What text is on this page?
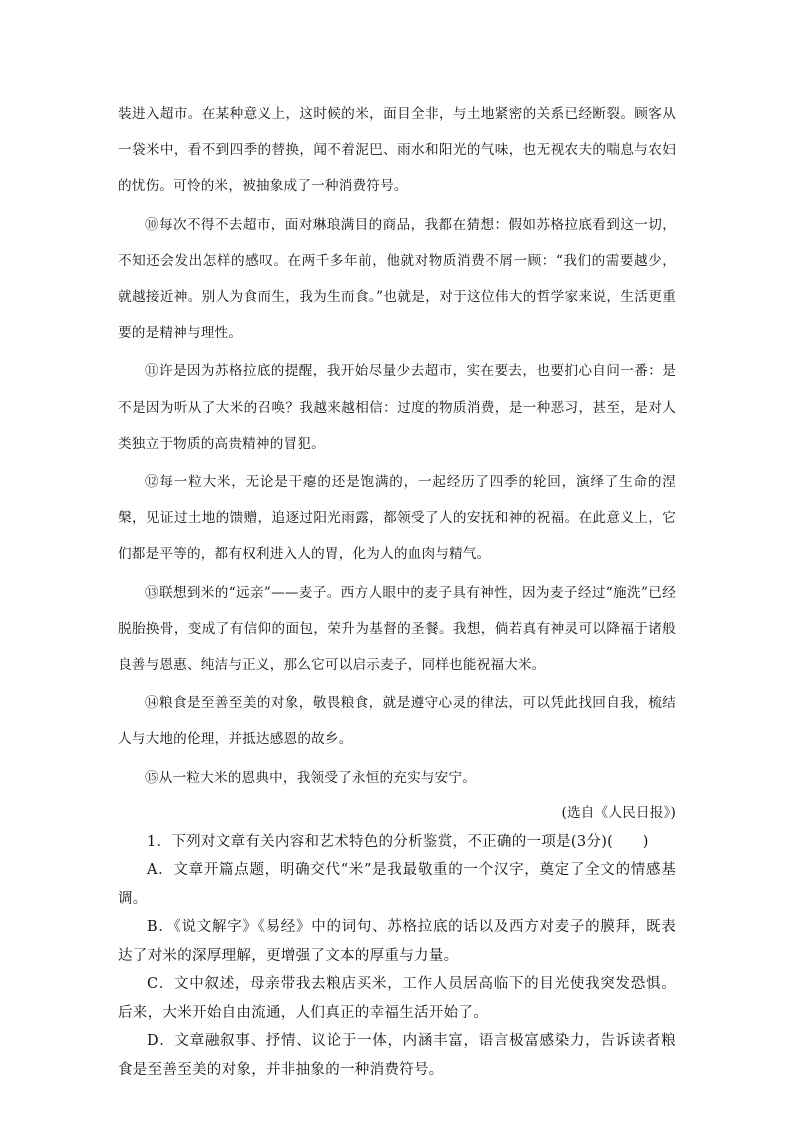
装进入超市。在某种意义上，这时候的米，面目全非，与土地紧密的关系已经断裂。顾客从一袋米中，看不到四季的替换，闻不着泥巴、雨水和阳光的气味，也无视农夫的喘息与农妇的忧伤。可怜的米，被抽象成了一种消费符号。

⑩每次不得不去超市，面对琳琅满目的商品，我都在猜想：假如苏格拉底看到这一切，不知还会发出怎样的感叹。在两千多年前，他就对物质消费不屑一顾：“我们的需要越少，就越接近神。别人为食而生，我为生而食。”也就是，对于这位伟大的哲学家来说，生活更重要的是精神与理性。

⑪许是因为苏格拉底的提醒，我开始尽量少去超市，实在要去，也要扪心自问一番：是不是因为听从了大米的召唤？我越来越相信：过度的物质消费，是一种恶习，甚至，是对人类独立于物质的高贵精神的冒犯。

⑫每一粒大米，无论是干瘪的还是饱满的，一起经历了四季的轮回，演绎了生命的涅槃，见证过土地的馈赠，追逐过阳光雨露，都领受了人的安抚和神的祝福。在此意义上，它们都是平等的，都有权利进入人的胃，化为人的血肉与精气。

⑬联想到米的“远亲”——麦子。西方人眼中的麦子具有神性，因为麦子经过“施洗”已经脱胎换骨，变成了有信仰的面包，荣升为基督的圣餐。我想，倘若真有神灵可以降福于诸般良善与恩惠、纯洁与正义，那么它可以启示麦子，同样也能祝福大米。

⑭粮食是至善至美的对象，敬畏粮食，就是遵守心灵的律法，可以凭此找回自我，梳结人与大地的伦理，并抵达感恩的故乡。

⑮从一粒大米的恩典中，我领受了永恒的充实与安宁。

(选自《人民日报》)

1．下列对文章有关内容和艺术特色的分析鉴赏，不正确的一项是(3分)(　　)

A．文章开篇点题，明确交代“米”是我最敬重的一个汉字，奠定了全文的情感基调。

B．《说文解字》《易经》中的词句、苏格拉底的话以及西方对麦子的膜拜，既表达了对米的深厚理解，更增强了文本的厚重与力量。

C．文中叙述，母亲带我去粮店买米，工作人员居高临下的目光使我突发恐惧。后来，大米开始自由流通，人们真正的幸福生活开始了。

D．文章融叙事、抒情、议论于一体，内涵丰富，语言极富感染力，告诉读者粮食是至善至美的对象，并非抽象的一种消费符号。
